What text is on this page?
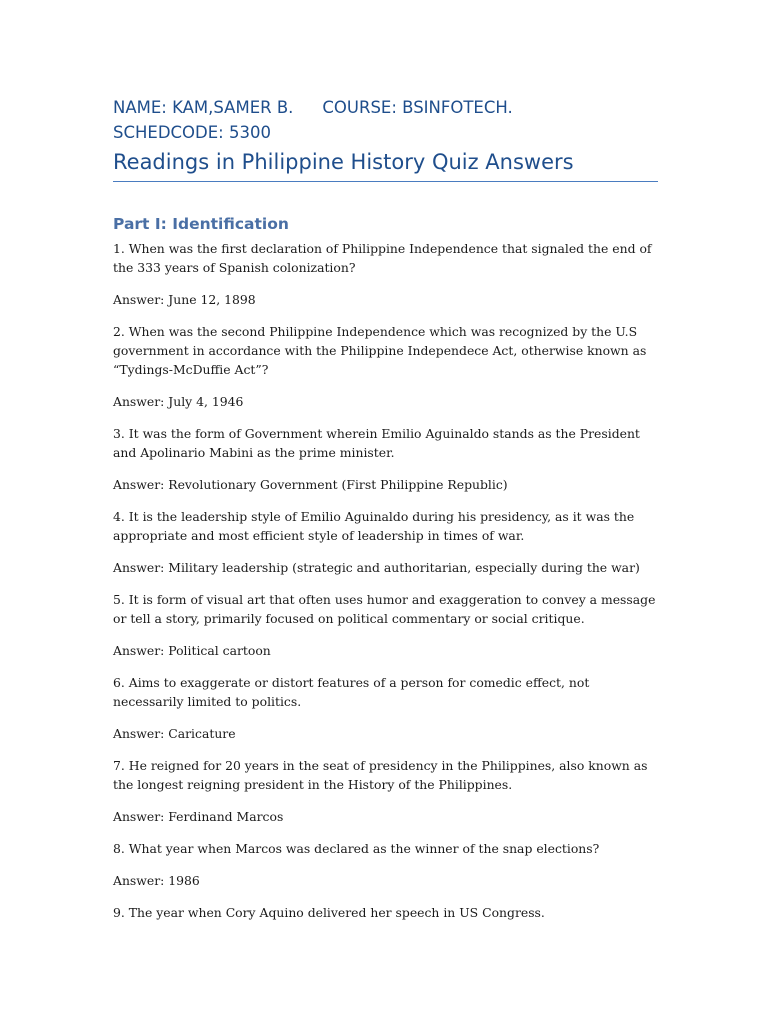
NAME: KAM,SAMER B. COURSE: BSINFOTECH.
SCHEDCODE: 5300
Readings in Philippine History Quiz Answers
Part I: Identification

1. When was the first declaration of Philippine Independence that signaled the end of the 333 years of Spanish colonization?

Answer: June 12, 1898

2. When was the second Philippine Independence which was recognized by the U.S government in accordance with the Philippine Independece Act, otherwise known as “Tydings-McDuffie Act”?

Answer: July 4, 1946

3. It was the form of Government wherein Emilio Aguinaldo stands as the President and Apolinario Mabini as the prime minister.

Answer: Revolutionary Government (First Philippine Republic)

4. It is the leadership style of Emilio Aguinaldo during his presidency, as it was the appropriate and most efficient style of leadership in times of war.

Answer: Military leadership (strategic and authoritarian, especially during the war)

5. It is form of visual art that often uses humor and exaggeration to convey a message or tell a story, primarily focused on political commentary or social critique.

Answer: Political cartoon

6. Aims to exaggerate or distort features of a person for comedic effect, not necessarily limited to politics.

Answer: Caricature

7. He reigned for 20 years in the seat of presidency in the Philippines, also known as the longest reigning president in the History of the Philippines.

Answer: Ferdinand Marcos

8. What year when Marcos was declared as the winner of the snap elections?

Answer: 1986

9. The year when Cory Aquino delivered her speech in US Congress.
